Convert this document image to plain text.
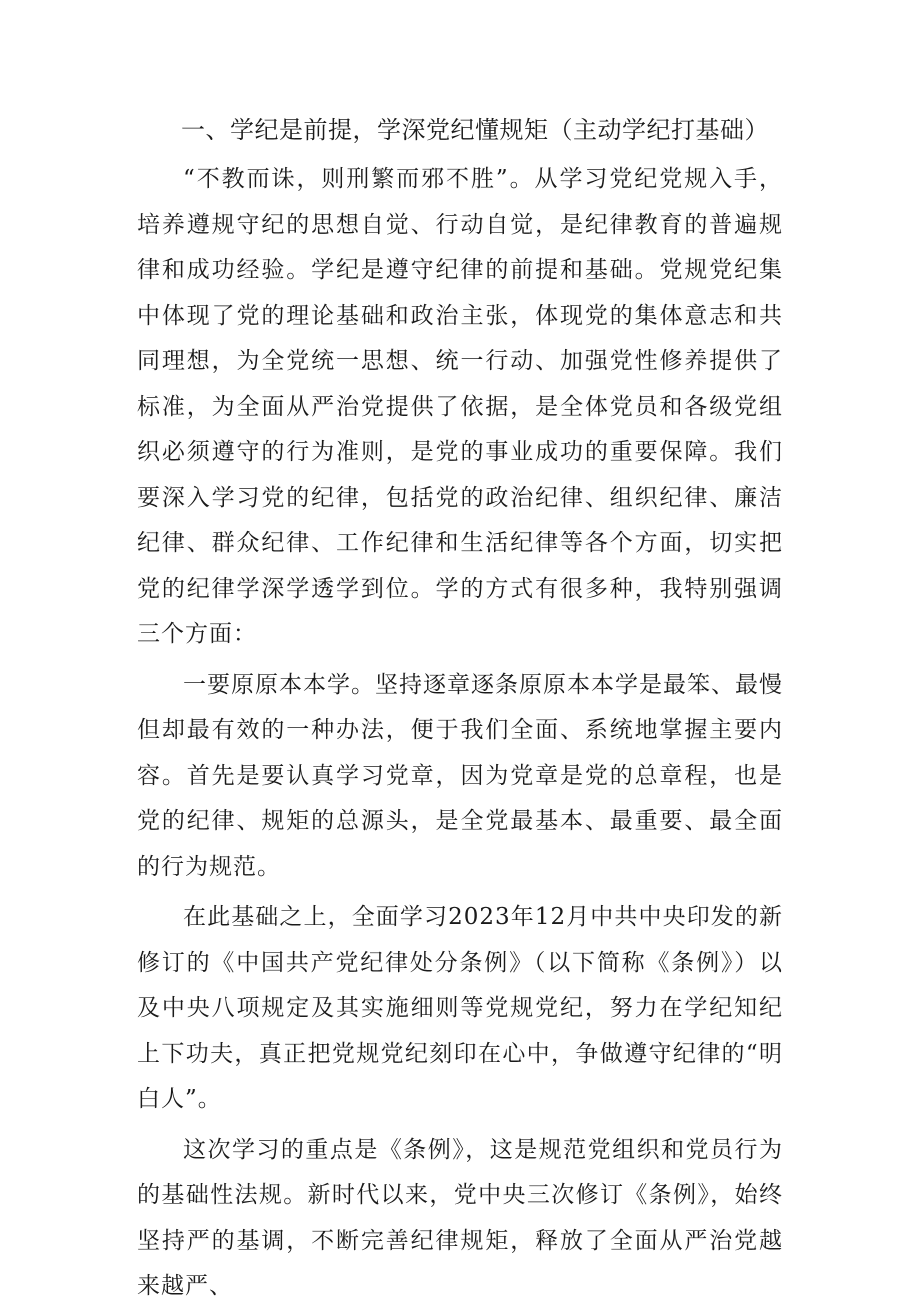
一、学纪是前提，学深党纪懂规矩（主动学纪打基础）

“不教而诛，则刑繁而邪不胜”。从学习党纪党规入手，培养遵规守纪的思想自觉、行动自觉，是纪律教育的普遍规律和成功经验。学纪是遵守纪律的前提和基础。党规党纪集中体现了党的理论基础和政治主张，体现党的集体意志和共同理想，为全党统一思想、统一行动、加强党性修养提供了标准，为全面从严治党提供了依据，是全体党员和各级党组织必须遵守的行为准则，是党的事业成功的重要保障。我们要深入学习党的纪律，包括党的政治纪律、组织纪律、廉洁纪律、群众纪律、工作纪律和生活纪律等各个方面，切实把党的纪律学深学透学到位。学的方式有很多种，我特别强调三个方面：

一要原原本本学。坚持逐章逐条原原本本学是最笨、最慢但却最有效的一种办法，便于我们全面、系统地掌握主要内容。首先是要认真学习党章，因为党章是党的总章程，也是党的纪律、规矩的总源头，是全党最基本、最重要、最全面的行为规范。

在此基础之上，全面学习2023年12月中共中央印发的新修订的《中国共产党纪律处分条例》（以下简称《条例》）以及中央八项规定及其实施细则等党规党纪，努力在学纪知纪上下功夫，真正把党规党纪刻印在心中，争做遵守纪律的“明白人”。

这次学习的重点是《条例》，这是规范党组织和党员行为的基础性法规。新时代以来，党中央三次修订《条例》，始终坚持严的基调，不断完善纪律规矩，释放了全面从严治党越来越严、
